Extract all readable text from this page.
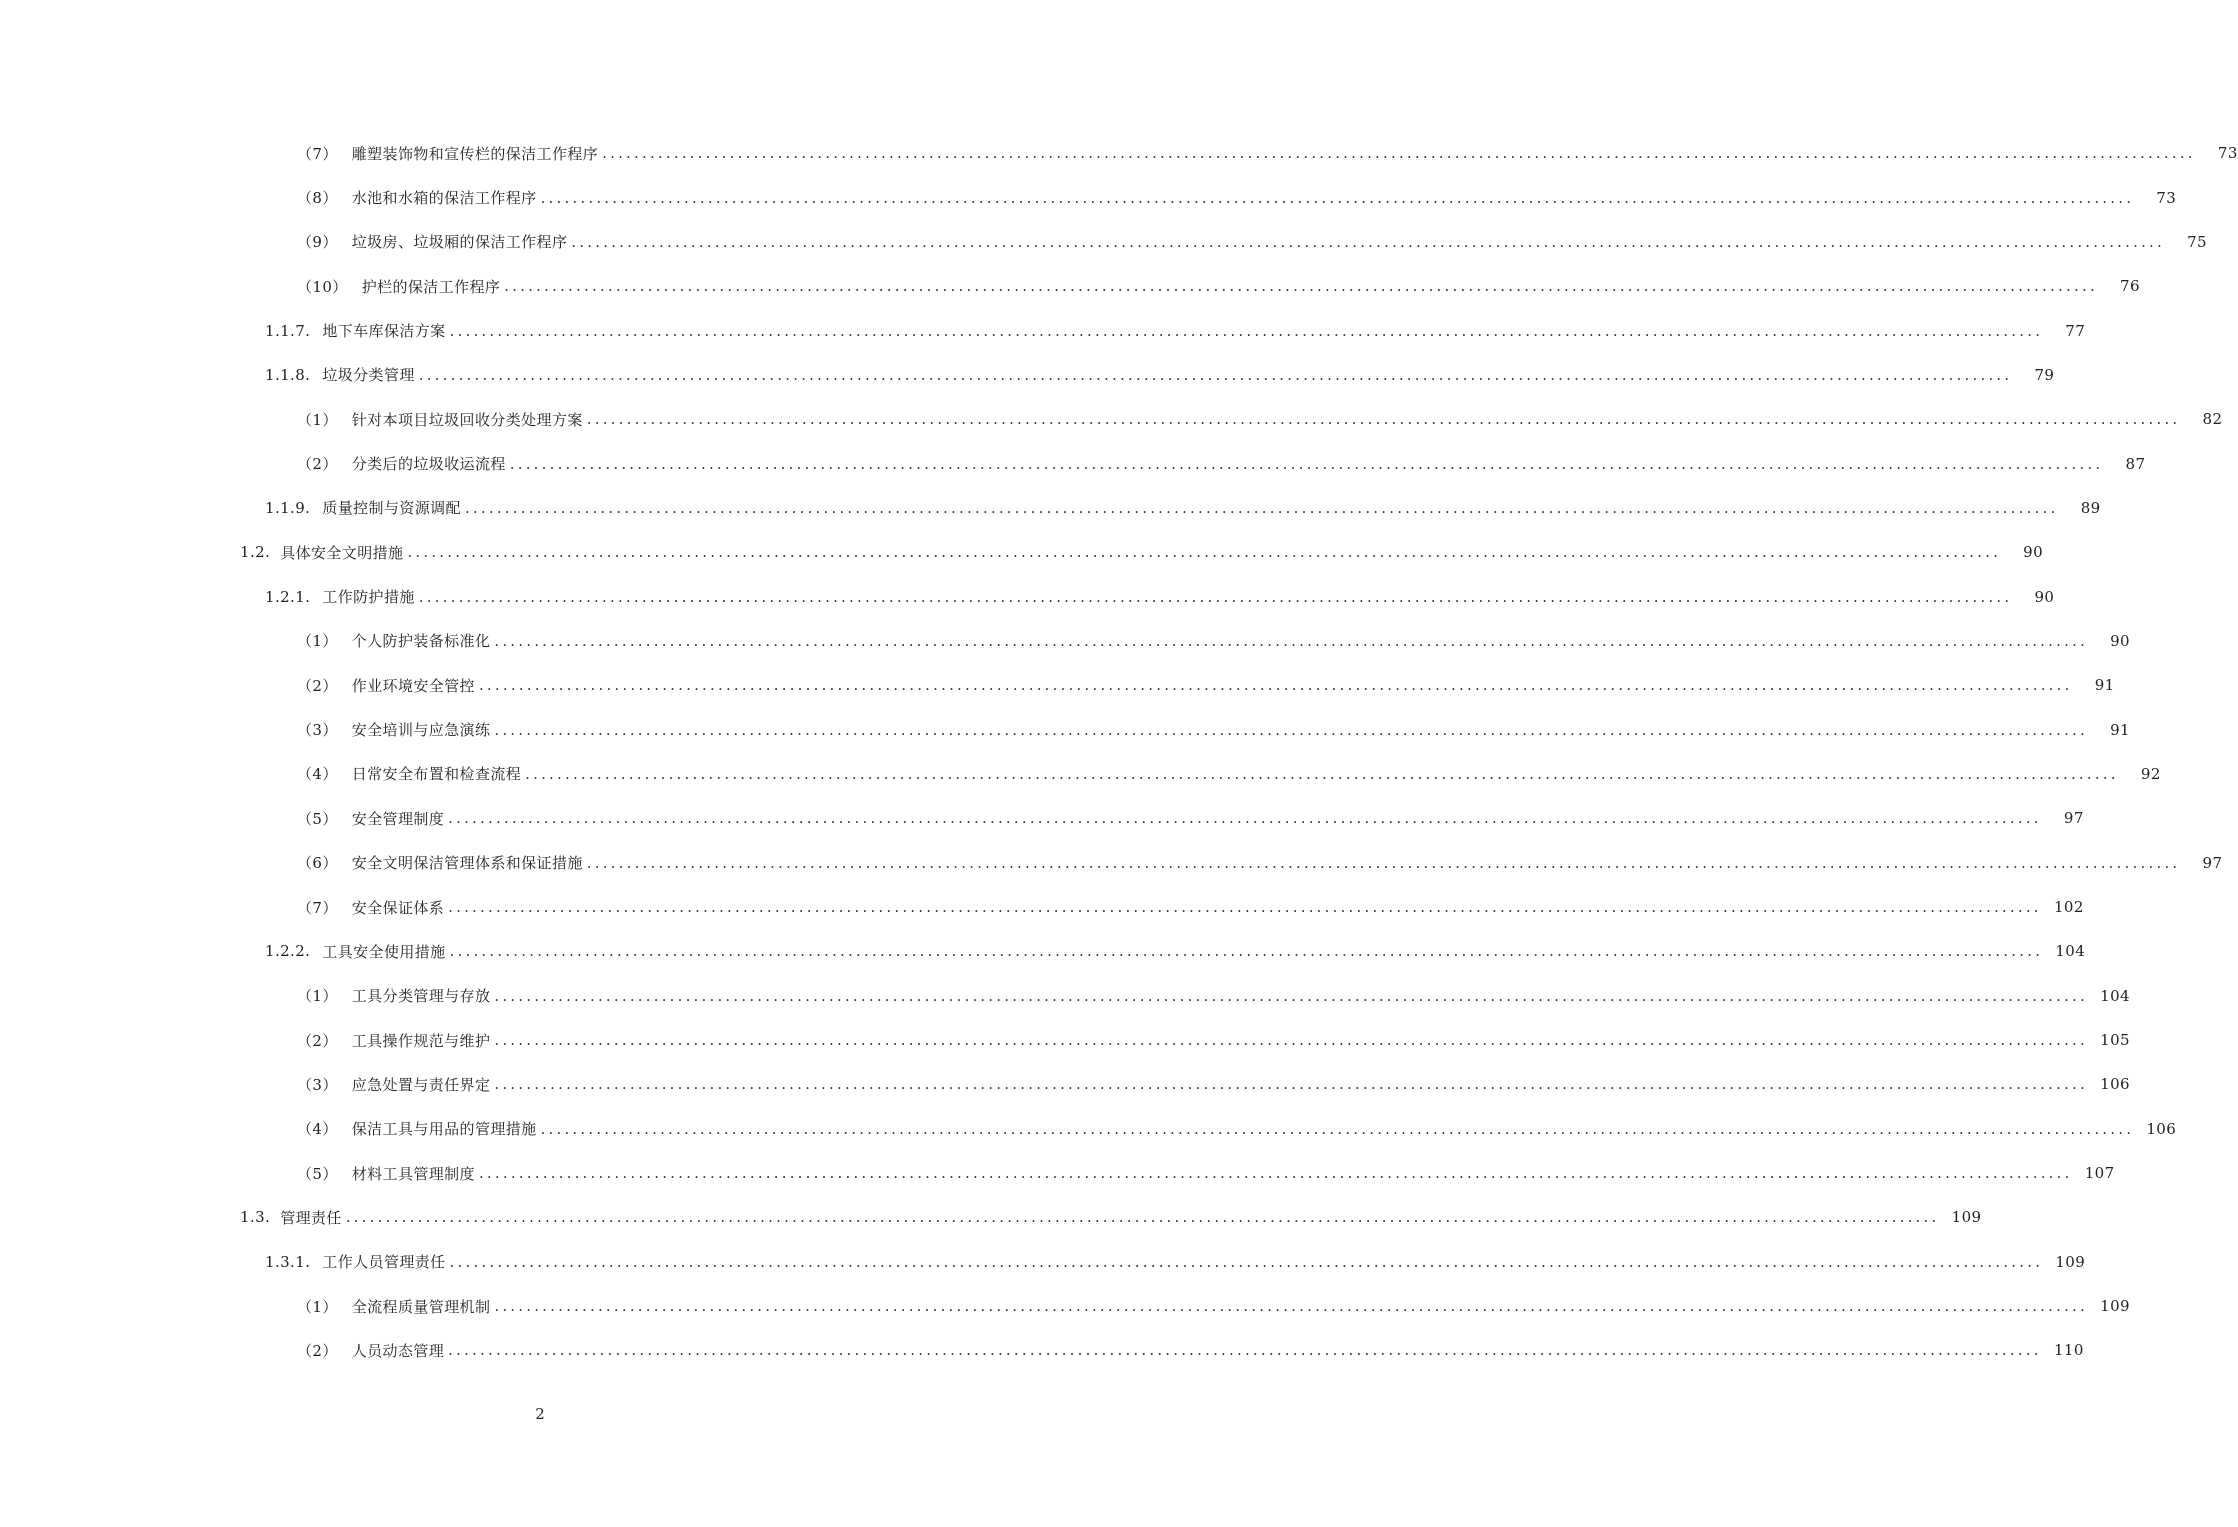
（7） 雕塑装饰物和宣传栏的保洁工作程序 ........................................................................................................................................................................................................	73
（8） 水池和水箱的保洁工作程序 ........................................................................................................................................................................................................	73
（9） 垃圾房、垃圾厢的保洁工作程序 ........................................................................................................................................................................................................	75
（10） 护栏的保洁工作程序 ........................................................................................................................................................................................................	76
1.1.7. 地下车库保洁方案 ........................................................................................................................................................................................................	77
1.1.8. 垃圾分类管理 ........................................................................................................................................................................................................	79
（1） 针对本项目垃圾回收分类处理方案 ........................................................................................................................................................................................................	82
（2） 分类后的垃圾收运流程 ........................................................................................................................................................................................................	87
1.1.9. 质量控制与资源调配 ........................................................................................................................................................................................................	89
1.2. 具体安全文明措施 ........................................................................................................................................................................................................	90
1.2.1. 工作防护措施 ........................................................................................................................................................................................................	90
（1） 个人防护装备标准化 ........................................................................................................................................................................................................	90
（2） 作业环境安全管控 ........................................................................................................................................................................................................	91
（3） 安全培训与应急演练 ........................................................................................................................................................................................................	91
（4） 日常安全布置和检查流程 ........................................................................................................................................................................................................	92
（5） 安全管理制度 ........................................................................................................................................................................................................	97
（6） 安全文明保洁管理体系和保证措施 ........................................................................................................................................................................................................	97
（7） 安全保证体系 ........................................................................................................................................................................................................ 102
1.2.2. 工具安全使用措施 ........................................................................................................................................................................................................ 104
（1） 工具分类管理与存放 ........................................................................................................................................................................................................ 104
（2） 工具操作规范与维护 ........................................................................................................................................................................................................ 105
（3） 应急处置与责任界定 ........................................................................................................................................................................................................ 106
（4） 保洁工具与用品的管理措施 ........................................................................................................................................................................................................ 106
（5） 材料工具管理制度 ........................................................................................................................................................................................................ 107
1.3. 管理责任 ........................................................................................................................................................................................................ 109
1.3.1. 工作人员管理责任 ........................................................................................................................................................................................................ 109
（1） 全流程质量管理机制 ........................................................................................................................................................................................................ 109
（2） 人员动态管理 ........................................................................................................................................................................................................ 110
2
